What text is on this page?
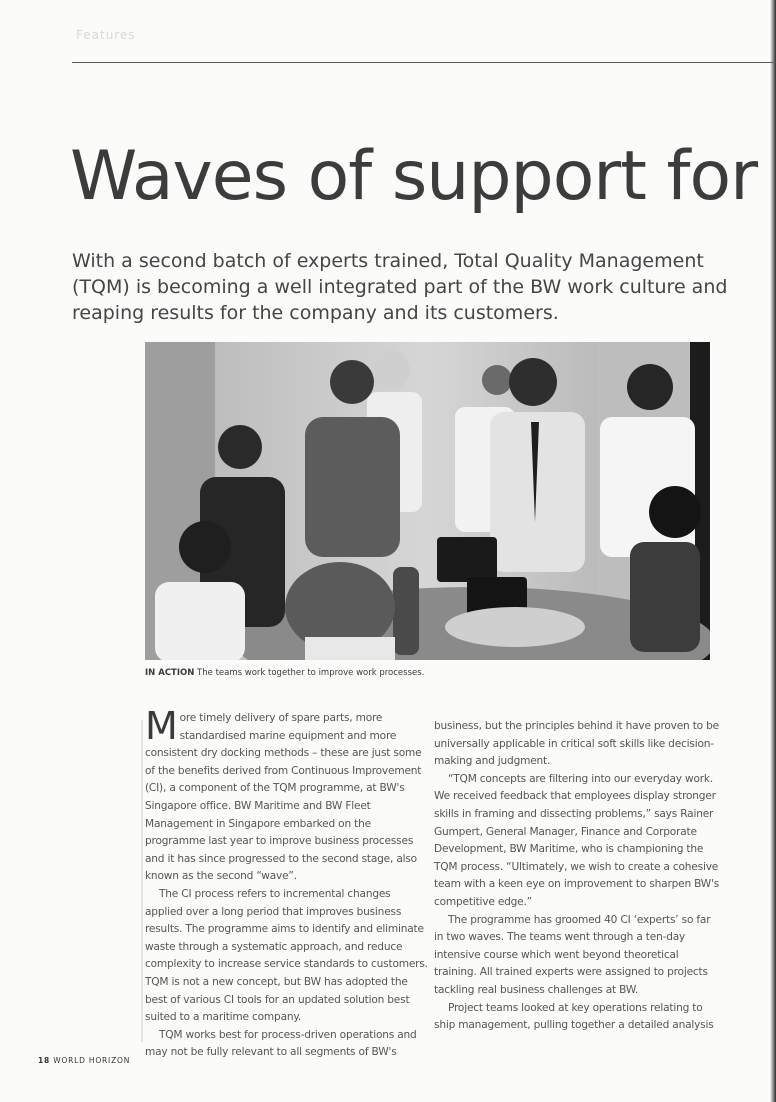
Features
Waves of support for

With a second batch of experts trained, Total Quality Management (TQM) is becoming a well integrated part of the BW work culture and reaping results for the company and its customers.

IN ACTION The teams work together to improve work processes.

More timely delivery of spare parts, more standardised marine equipment and more consistent dry docking methods – these are just some of the benefits derived from Continuous Improvement (CI), a component of the TQM programme, at BW's Singapore office. BW Maritime and BW Fleet Management in Singapore embarked on the programme last year to improve business processes and it has since progressed to the second stage, also known as the second “wave”.

The CI process refers to incremental changes applied over a long period that improves business results. The programme aims to identify and eliminate waste through a systematic approach, and reduce complexity to increase service standards to customers. TQM is not a new concept, but BW has adopted the best of various CI tools for an updated solution best suited to a maritime company.

TQM works best for process-driven operations and may not be fully relevant to all segments of BW's

business, but the principles behind it have proven to be universally applicable in critical soft skills like decision-making and judgment.

“TQM concepts are filtering into our everyday work. We received feedback that employees display stronger skills in framing and dissecting problems,” says Rainer Gumpert, General Manager, Finance and Corporate Development, BW Maritime, who is championing the TQM process. “Ultimately, we wish to create a cohesive team with a keen eye on improvement to sharpen BW's competitive edge.”

The programme has groomed 40 CI ‘experts’ so far in two waves. The teams went through a ten-day intensive course which went beyond theoretical training. All trained experts were assigned to projects tackling real business challenges at BW.

Project teams looked at key operations relating to ship management, pulling together a detailed analysis

18 WORLD HORIZON
